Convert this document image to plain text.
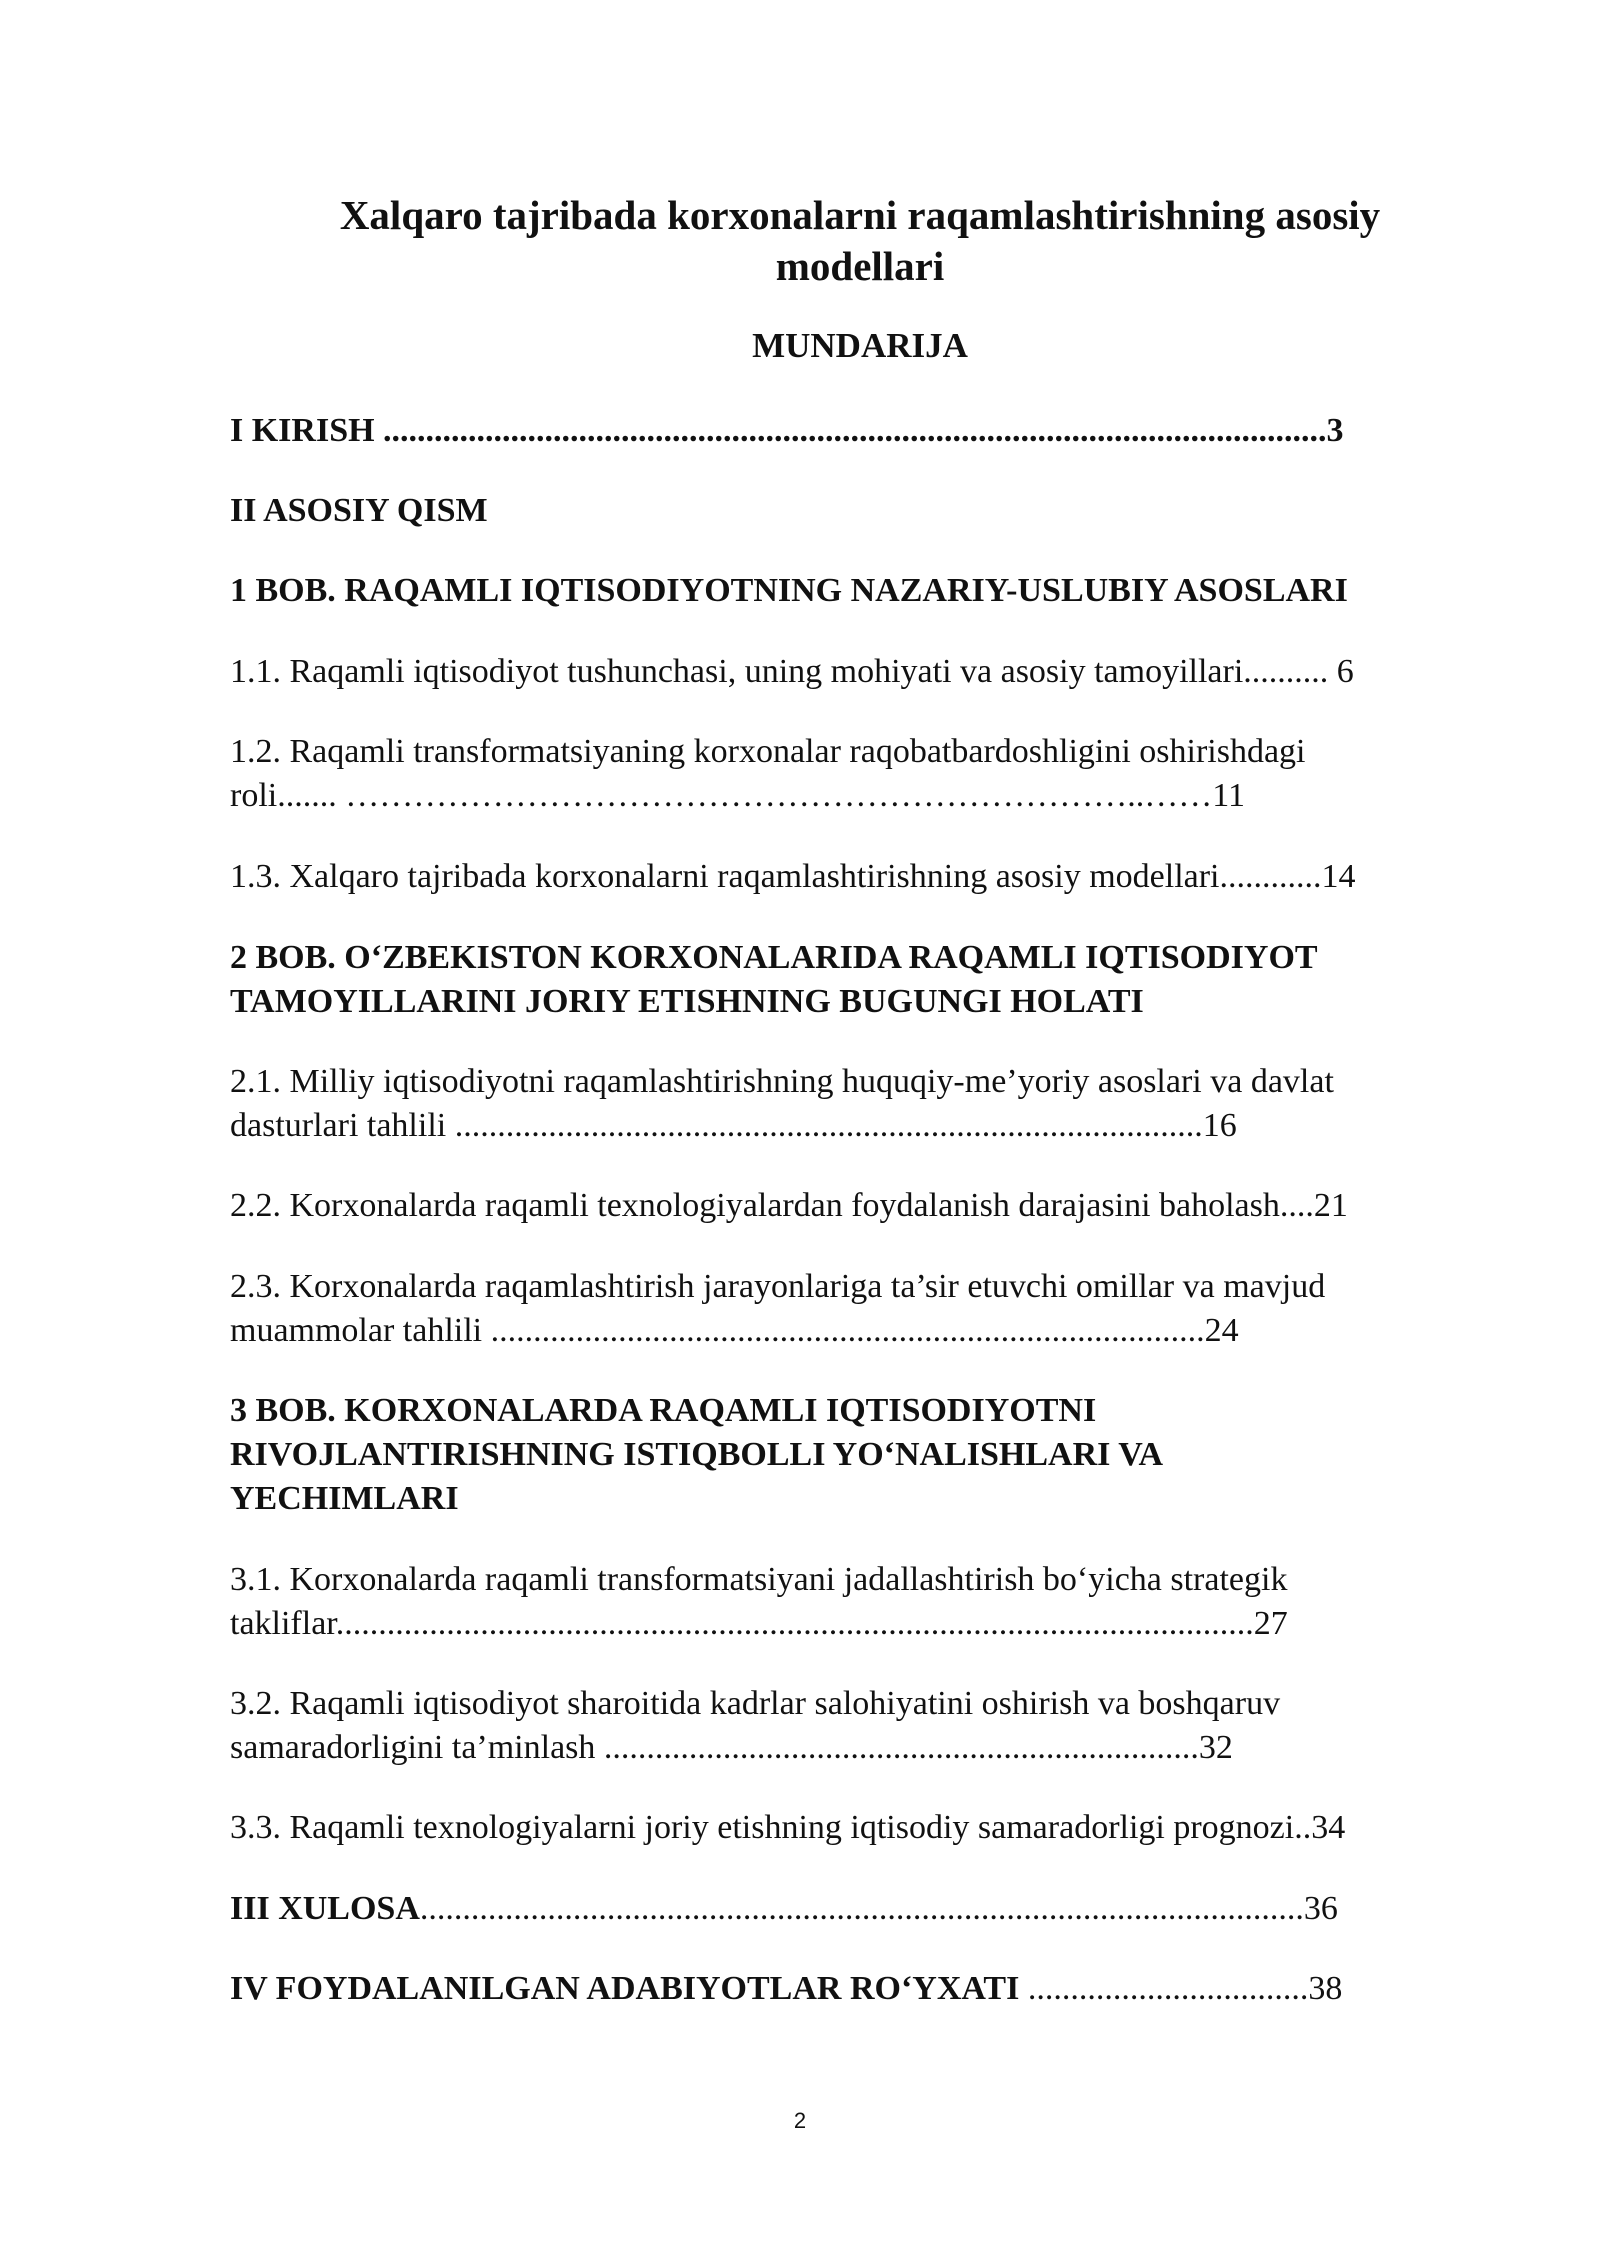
Xalqaro tajribada korxonalarni raqamlashtirishning asosiy
modellari
MUNDARIJA
I KIRISH ...............................................................................................................3
II ASOSIY QISM
1 BOB. RAQAMLI IQTISODIYOTNING NAZARIY-USLUBIY ASOSLARI
1.1. Raqamli iqtisodiyot tushunchasi, uning mohiyati va asosiy tamoyillari.......... 6
1.2. Raqamli transformatsiyaning korxonalar raqobatbardoshligini oshirishdagi
roli....... ……………………………………………………………..……11
1.3. Xalqaro tajribada korxonalarni raqamlashtirishning asosiy modellari............14
2 BOB. O‘ZBEKISTON KORXONALARIDA RAQAMLI IQTISODIYOT
TAMOYILLARINI JORIY ETISHNING BUGUNGI HOLATI
2.1. Milliy iqtisodiyotni raqamlashtirishning huquqiy-me’yoriy asoslari va davlat
dasturlari tahlili ........................................................................................16
2.2. Korxonalarda raqamli texnologiyalardan foydalanish darajasini baholash....21
2.3. Korxonalarda raqamlashtirish jarayonlariga ta’sir etuvchi omillar va mavjud
muammolar tahlili ....................................................................................24
3 BOB. KORXONALARDA RAQAMLI IQTISODIYOTNI
RIVOJLANTIRISHNING ISTIQBOLLI YO‘NALISHLARI VA
YECHIMLARI
3.1. Korxonalarda raqamli transformatsiyani jadallashtirish bo‘yicha strategik
takliflar............................................................................................................27
3.2. Raqamli iqtisodiyot sharoitida kadrlar salohiyatini oshirish va boshqaruv
samaradorligini ta’minlash ......................................................................32
3.3. Raqamli texnologiyalarni joriy etishning iqtisodiy samaradorligi prognozi..34
III XULOSA........................................................................................................36
IV FOYDALANILGAN ADABIYOTLAR RO‘YXATI .................................38
2
